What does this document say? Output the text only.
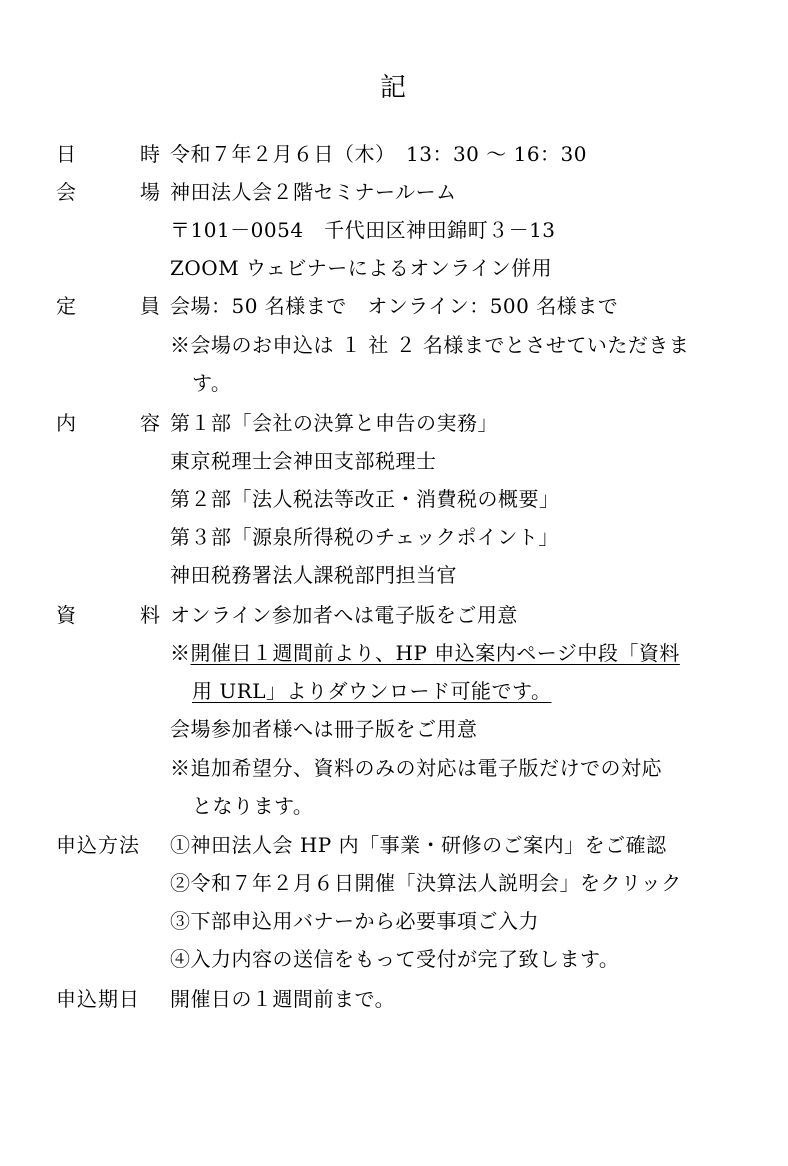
記
日　時 令和７年２月６日（木）　13：30 ～ 16：30
会　場 神田法人会２階セミナールーム
〒101－0054　千代田区神田錦町３－13
ZOOM ウェビナーによるオンライン併用
定　員 会場：50 名様まで　オンライン：500 名様まで
※会場のお申込は １ 社 ２ 名様までとさせていただきま
す。
内　容 第１部「会社の決算と申告の実務」
東京税理士会神田支部税理士
第２部「法人税法等改正・消費税の概要」
第３部「源泉所得税のチェックポイント」
神田税務署法人課税部門担当官
資　料 オンライン参加者へは電子版をご用意
※開催日１週間前より、HP 申込案内ページ中段「資料
用 URL」よりダウンロード可能です。
会場参加者様へは冊子版をご用意
※追加希望分、資料のみの対応は電子版だけでの対応
となります。
申込方法	①神田法人会 HP 内「事業・研修のご案内」をご確認
②令和７年２月６日開催「決算法人説明会」をクリック
③下部申込用バナーから必要事項ご入力
④入力内容の送信をもって受付が完了致します。
申込期日	開催日の１週間前まで。
